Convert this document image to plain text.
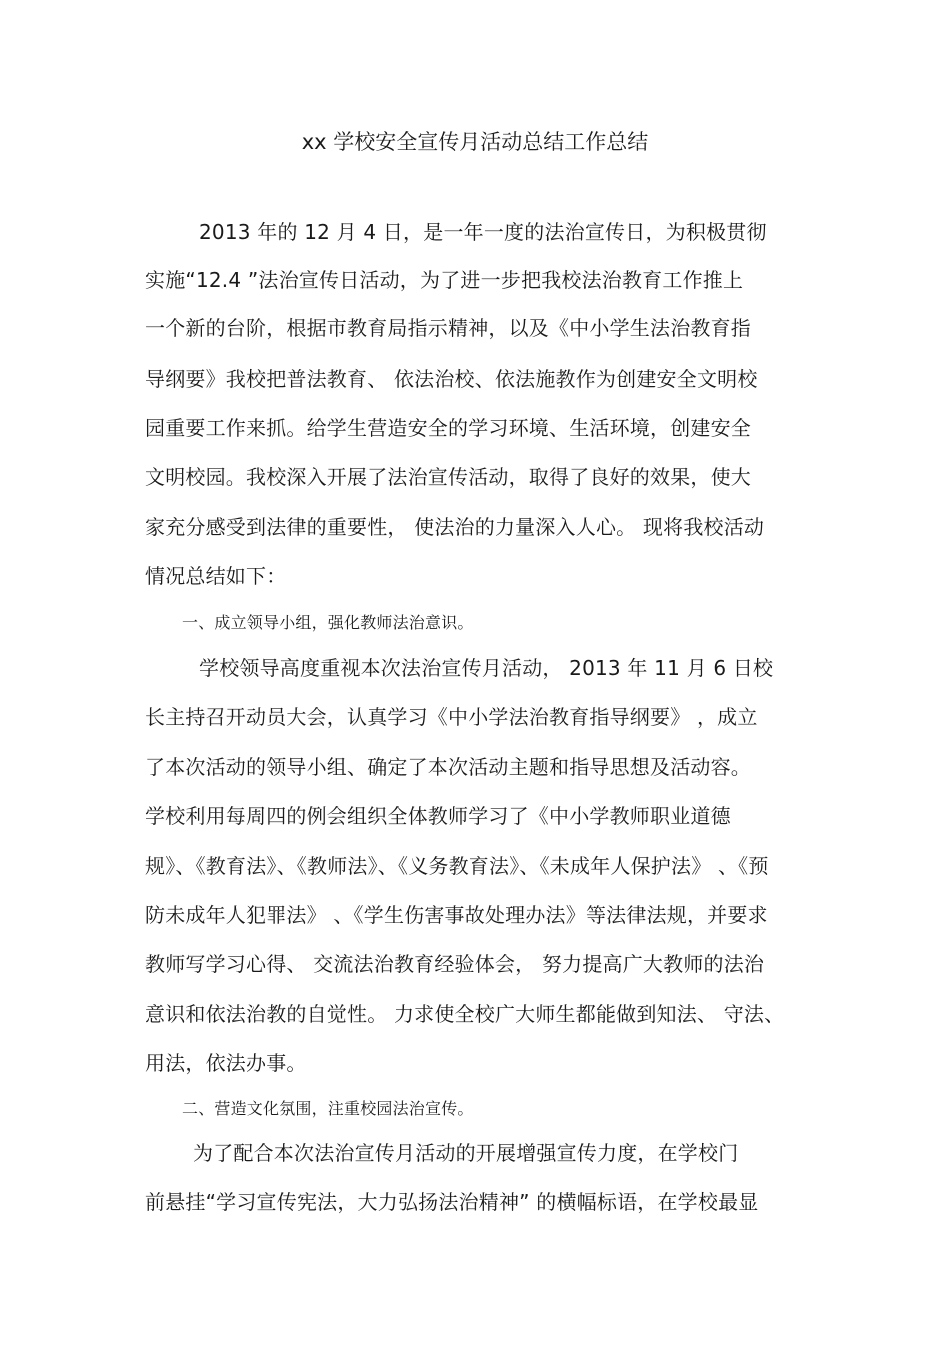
xx 学校安全宣传月活动总结工作总结
2013 年的 12 月 4 日，是一年一度的法治宣传日，为积极贯彻
实施“12.4 ”法治宣传日活动，为了进一步把我校法治教育工作推上
一个新的台阶，根据市教育局指示精神，以及《中小学生法治教育指
导纲要》我校把普法教育、 依法治校、依法施教作为创建安全文明校
园重要工作来抓。给学生营造安全的学习环境、生活环境，创建安全
文明校园。我校深入开展了法治宣传活动，取得了良好的效果，使大
家充分感受到法律的重要性， 使法治的力量深入人心。 现将我校活动
情况总结如下：
一、成立领导小组，强化教师法治意识。
学校领导高度重视本次法治宣传月活动， 2013 年 11 月 6 日校
长主持召开动员大会，认真学习《中小学法治教育指导纲要》 ，成立
了本次活动的领导小组、确定了本次活动主题和指导思想及活动容。
学校利用每周四的例会组织全体教师学习了《中小学教师职业道德
规》、《教育法》、《教师法》、《义务教育法》、《未成年人保护法》 、《预
防未成年人犯罪法》 、《学生伤害事故处理办法》等法律法规，并要求
教师写学习心得、 交流法治教育经验体会， 努力提高广大教师的法治
意识和依法治教的自觉性。 力求使全校广大师生都能做到知法、 守法、
用法，依法办事。
二、营造文化氛围，注重校园法治宣传。
为了配合本次法治宣传月活动的开展增强宣传力度，在学校门
前悬挂“学习宣传宪法，大力弘扬法治精神” 的横幅标语，在学校最显
